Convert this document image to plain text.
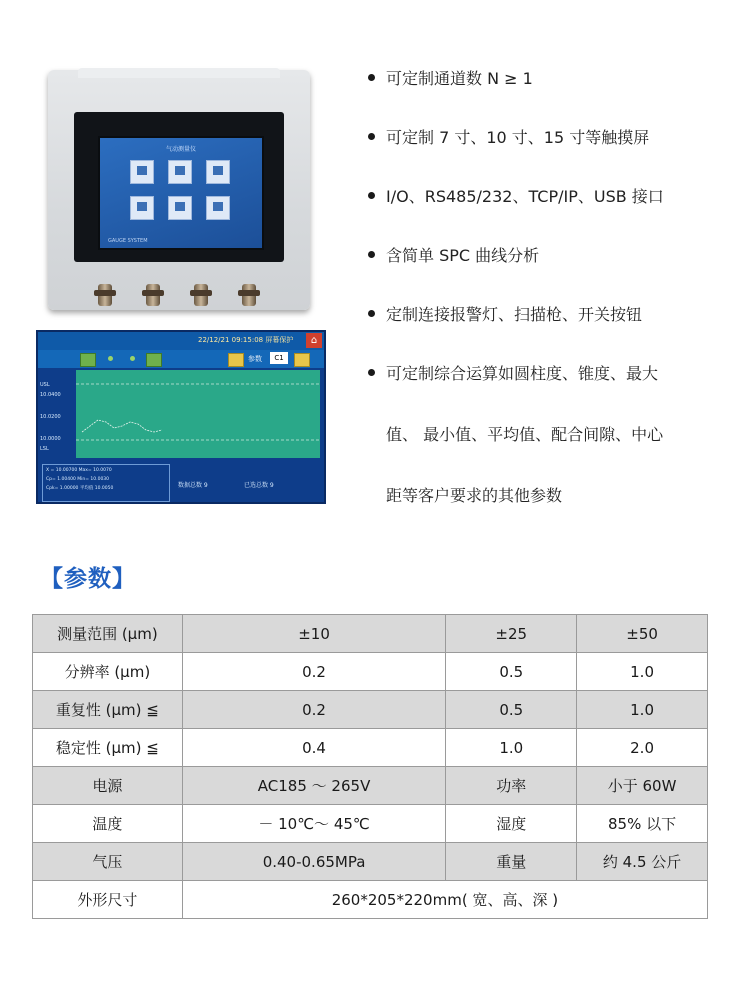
气动测量仪
GAUGE SYSTEM
22/12/21 09:15:08 屏幕保护	⌂
参数	C1
USL
10.0400
10.0200
10.0000
LSL
X = 10.00700 Max= 10.0070
Cp= 1.00400 Min= 10.0030
Cpk= 1.00000 平均值 10.0050	数据总数 9	已选总数 9
可定制通道数 N ≥ 1
可定制 7 寸、10 寸、15 寸等触摸屏
I/O、RS485/232、TCP/IP、USB 接口
含简单 SPC 曲线分析
定制连接报警灯、扫描枪、开关按钮
可定制综合运算如圆柱度、锥度、最大
值、 最小值、平均值、配合间隙、中心
距等客户要求的其他参数
【参数】
测量范围 (μm)	±10	±25	±50
分辨率 (μm)	0.2	0.5	1.0
重复性 (μm) ≦	0.2	0.5	1.0
稳定性 (μm) ≦	0.4	1.0	2.0
电源	AC185 ～ 265V	功率	小于 60W
温度	－ 10℃～ 45℃	湿度	85% 以下
气压	0.40-0.65MPa	重量	约 4.5 公斤
外形尺寸	260*205*220mm( 宽、高、深 )		
